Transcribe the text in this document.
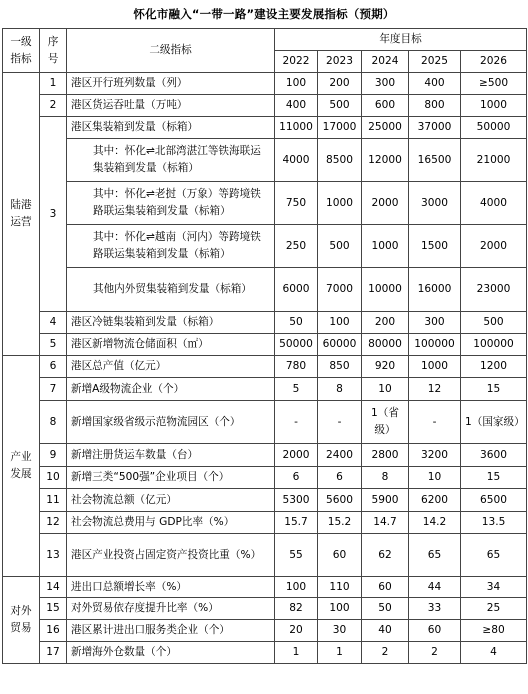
怀化市融入“一带一路”建设主要发展指标（预期）
一级指标	序号	二级指标	年度目标				
			2022	2023	2024	2025	2026
陆港运营	1	港区开行班列数量（列）	100	200	300	400	≥500
	2	港区货运吞吐量（万吨）	400	500	600	800	1000
	3	港区集装箱到发量（标箱）	11000	17000	25000	37000	50000
		其中：怀化⇌北部湾湛江等铁海联运集装箱到发量（标箱）	4000	8500	12000	16500	21000
		其中：怀化⇌老挝（万象）等跨境铁路联运集装箱到发量（标箱）	750	1000	2000	3000	4000
		其中：怀化⇌越南（河内）等跨境铁路联运集装箱到发量（标箱）	250	500	1000	1500	2000
		其他内外贸集装箱到发量（标箱）	6000	7000	10000	16000	23000
	4	港区冷链集装箱到发量（标箱）	50	100	200	300	500
	5	港区新增物流仓储面积（㎡）	50000	60000	80000	100000	100000
产业发展	6	港区总产值（亿元）	780	850	920	1000	1200
	7	新增A级物流企业（个）	5	8	10	12	15
	8	新增国家级省级示范物流园区（个）	-	-	1（省级）	-	1（国家级）
	9	新增注册货运车数量（台）	2000	2400	2800	3200	3600
	10	新增三类“500强”企业项目（个）	6	6	8	10	15
	11	社会物流总额（亿元）	5300	5600	5900	6200	6500
	12	社会物流总费用与 GDP比率（%）	15.7	15.2	14.7	14.2	13.5
	13	港区产业投资占固定资产投资比重（%）	55	60	62	65	65
对外贸易	14	进出口总额增长率（%）	100	110	60	44	34
	15	对外贸易依存度提升比率（%）	82	100	50	33	25
	16	港区累计进出口服务类企业（个）	20	30	40	60	≥80
	17	新增海外仓数量（个）	1	1	2	2	4
